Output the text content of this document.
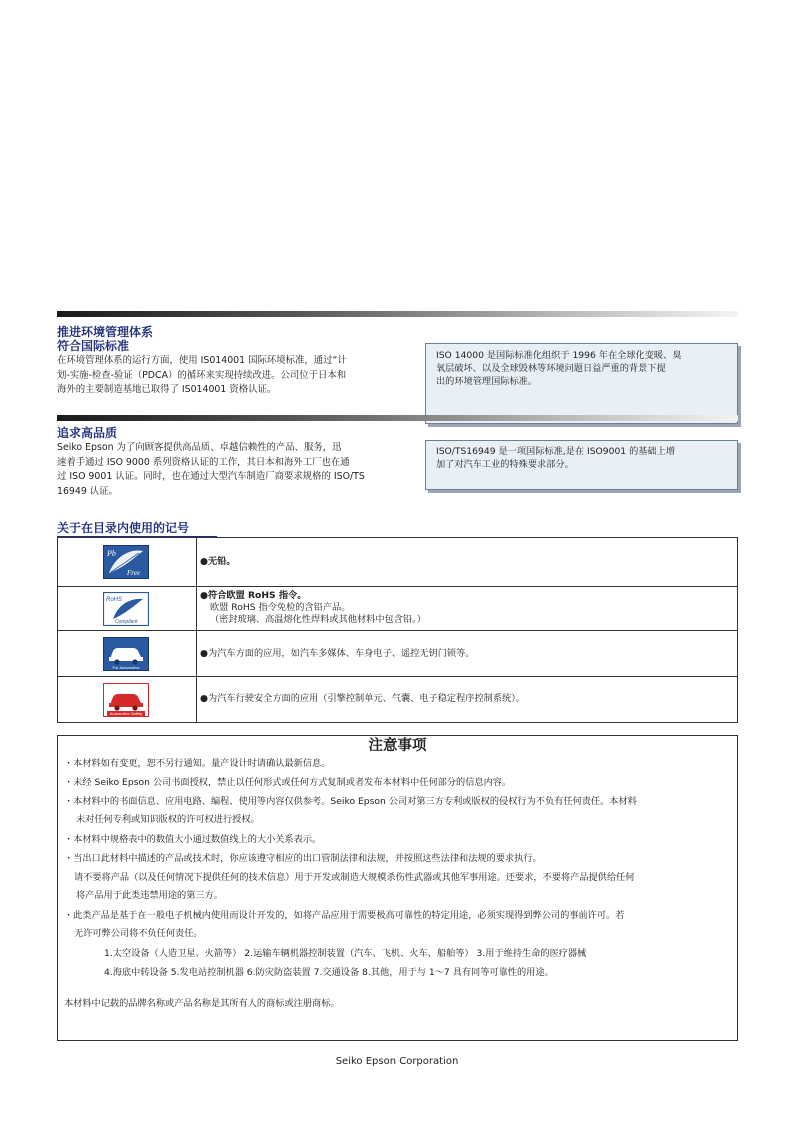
推进环境管理体系
符合国际标准
在环境管理体系的运行方面，使用 IS014001 国际环境标准，通过“计
划-实施-检查-验证（PDCA）的循环来实现持续改进。公司位于日本和
海外的主要制造基地已取得了 IS014001 资格认证。
ISO 14000 是国际标准化组织于 1996 年在全球化变暖、臭
氧层破坏、以及全球毁林等环境问题日益严重的背景下提
出的环境管理国际标准。
追求高品质
Seiko Epson 为了向顾客提供高品质、卓越信赖性的产品、服务，迅
速着手通过 ISO 9000 系列资格认证的工作，其日本和海外工厂也在通
过 ISO 9001 认证。同时，也在通过大型汽车制造厂商要求规格的 ISO/TS
16949 认证。
ISO/TS16949 是一项国际标准,是在 ISO9001 的基础上增
加了对汽车工业的特殊要求部分。
关于在目录内使用的记号
Pb
Free
●无铅。
RoHS
Compliant
●符合欧盟 RoHS 指令。
欧盟 RoHS 指令免检的含铅产品。
（密封玻璃、高温熔化性焊料或其他材料中包含铅。）
For Automotive
●为汽车方面的应用，如汽车多媒体、车身电子、遥控无钥门锁等。
Automotive Safety
●为汽车行驶安全方面的应用（引擎控制单元、气囊、电子稳定程序控制系统）。
注意事项
・本材料如有变更，恕不另行通知。量产设计时请确认最新信息。
・未经 Seiko Epson 公司书面授权，禁止以任何形式或任何方式复制或者发布本材料中任何部分的信息内容。
・本材料中的书面信息、应用电路、编程、使用等内容仅供参考。Seiko Epson 公司对第三方专利或版权的侵权行为不负有任何责任。本材料
未对任何专利或知识版权的许可权进行授权。
・本材料中规格表中的数值大小通过数值线上的大小关系表示。
・当出口此材料中描述的产品或技术时，你应该遵守相应的出口管制法律和法规，并按照这些法律和法规的要求执行。
请不要将产品（以及任何情况下提供任何的技术信息）用于开发或制造大规模杀伤性武器或其他军事用途。还要求，不要将产品提供给任何
将产品用于此类违禁用途的第三方。
・此类产品是基于在一般电子机械内使用而设计开发的，如将产品应用于需要极高可靠性的特定用途，必须实现得到弊公司的事前许可。若
无许可弊公司将不负任何责任。
1.太空设备（人造卫星、火箭等） 2.运输车辆机器控制装置（汽车、飞机、火车、船舶等） 3.用于维持生命的医疗器械
4.海底中转设备 5.发电站控制机器 6.防灾防盗装置 7.交通设备 8.其他，用于与 1～7 具有同等可靠性的用途。
本材料中记载的品牌名称或产品名称是其所有人的商标或注册商标。
Seiko Epson Corporation
